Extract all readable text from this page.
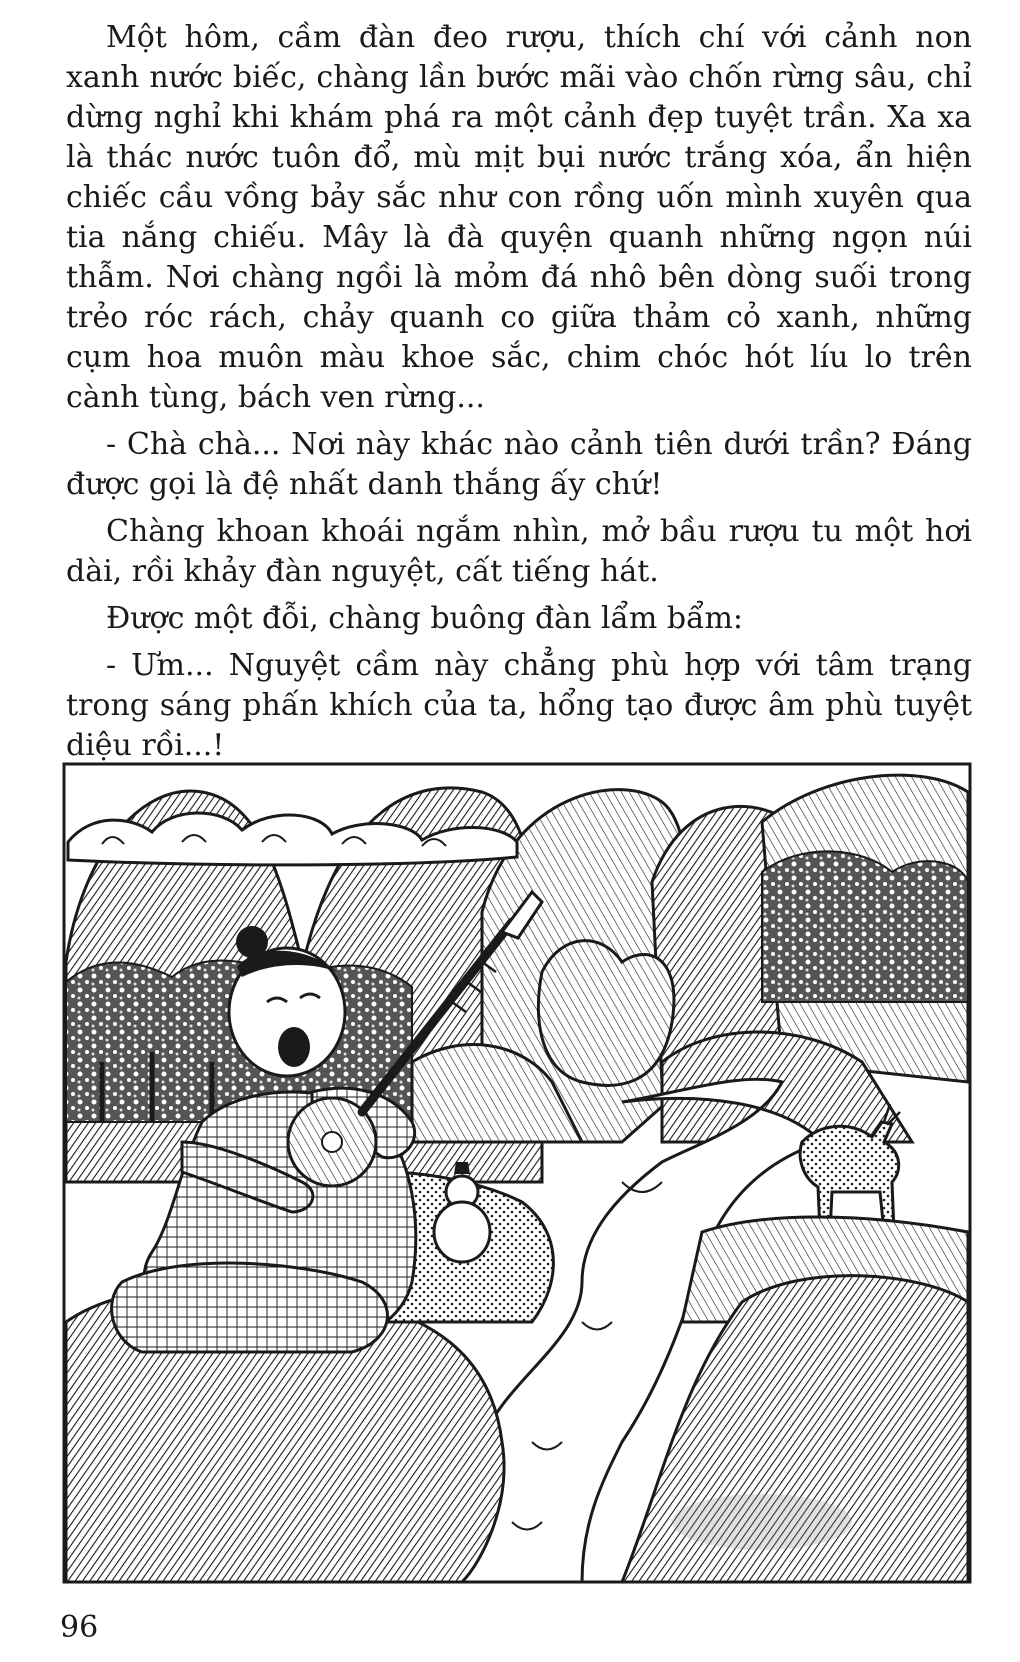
Một hôm, cầm đàn đeo rượu, thích chí với cảnh non xanh nước biếc, chàng lần bước mãi vào chốn rừng sâu, chỉ dừng nghỉ khi khám phá ra một cảnh đẹp tuyệt trần. Xa xa là thác nước tuôn đổ, mù mịt bụi nước trắng xóa, ẩn hiện chiếc cầu vồng bảy sắc như con rồng uốn mình xuyên qua tia nắng chiếu. Mây là đà quyện quanh những ngọn núi thẫm. Nơi chàng ngồi là mỏm đá nhô bên dòng suối trong trẻo róc rách, chảy quanh co giữa thảm cỏ xanh, những cụm hoa muôn màu khoe sắc, chim chóc hót líu lo trên cành tùng, bách ven rừng...

- Chà chà... Nơi này khác nào cảnh tiên dưới trần? Đáng được gọi là đệ nhất danh thắng ấy chứ!

Chàng khoan khoái ngắm nhìn, mở bầu rượu tu một hơi dài, rồi khảy đàn nguyệt, cất tiếng hát.

Được một đỗi, chàng buông đàn lẩm bẩm:

- Ưm... Nguyệt cầm này chẳng phù hợp với tâm trạng trong sáng phấn khích của ta, hổng tạo được âm phù tuyệt diệu rồi...!

96
